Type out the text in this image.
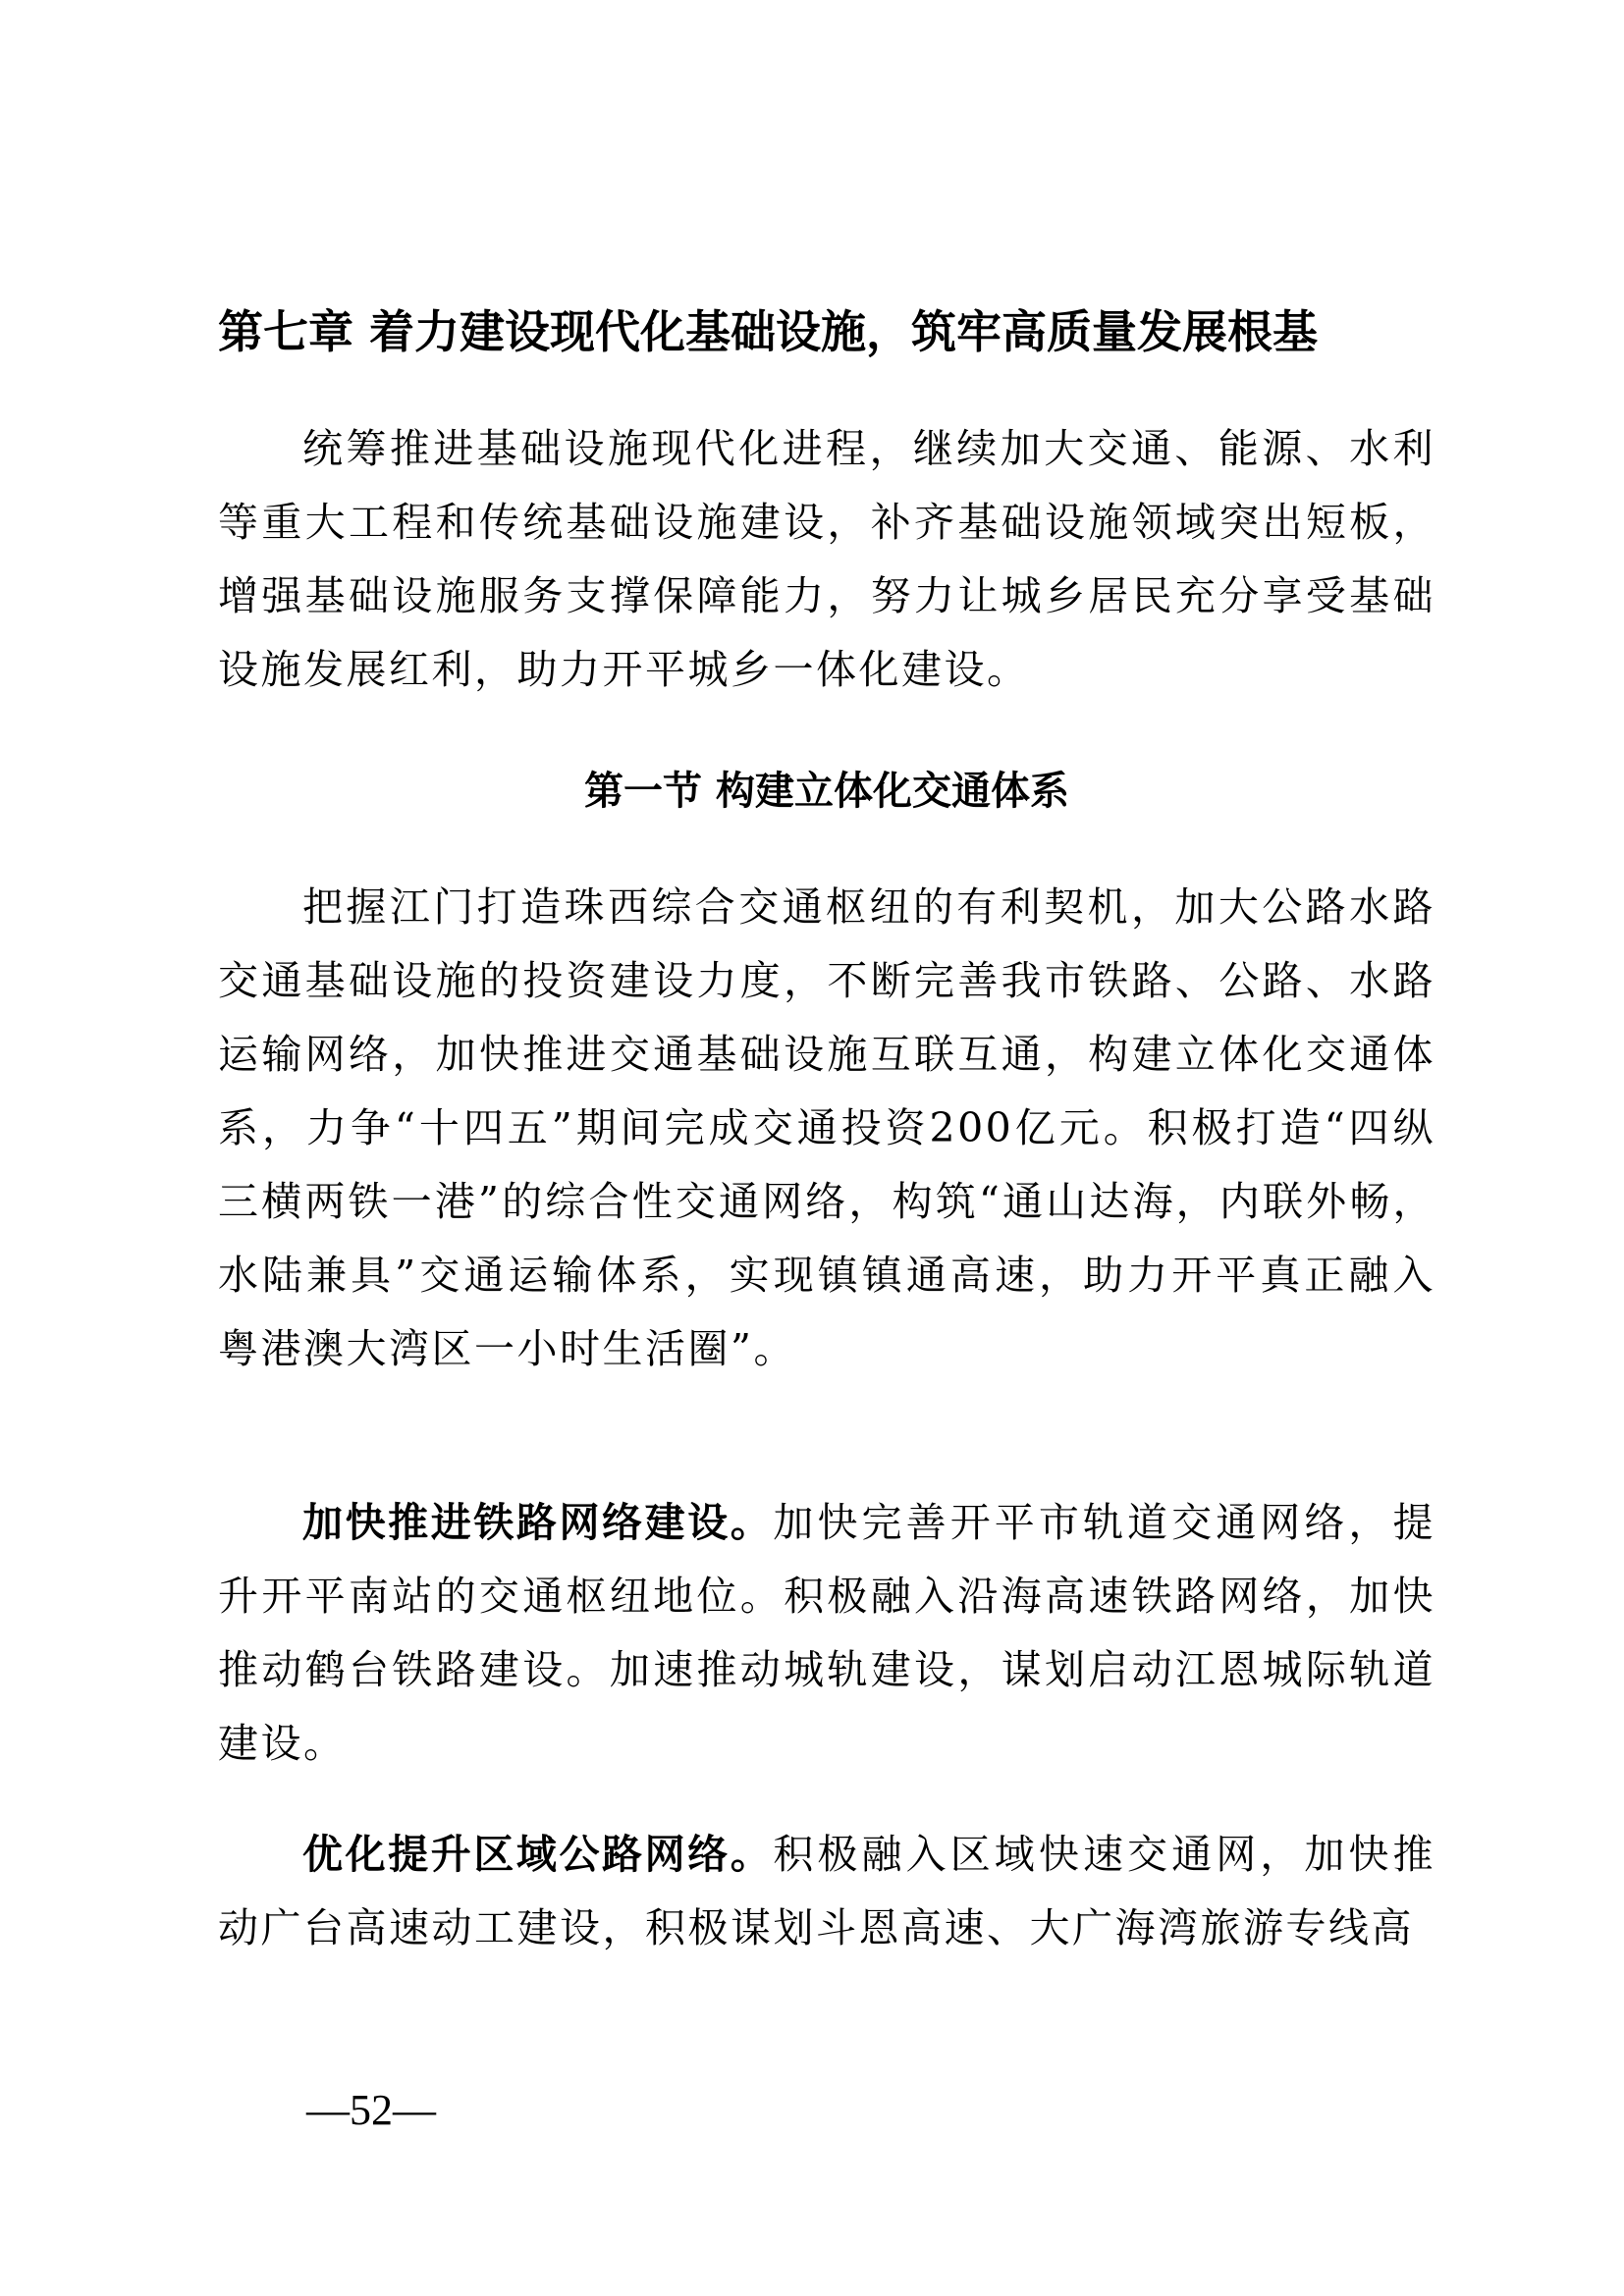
第七章 着力建设现代化基础设施，筑牢高质量发展根基
统筹推进基础设施现代化进程，继续加大交通、能源、水利等重大工程和传统基础设施建设，补齐基础设施领域突出短板，增强基础设施服务支撑保障能力，努力让城乡居民充分享受基础设施发展红利，助力开平城乡一体化建设。
第一节 构建立体化交通体系
把握江门打造珠西综合交通枢纽的有利契机，加大公路水路交通基础设施的投资建设力度，不断完善我市铁路、公路、水路运输网络，加快推进交通基础设施互联互通，构建立体化交通体系，力争“十四五”期间完成交通投资200亿元。积极打造“四纵三横两铁一港”的综合性交通网络，构筑“通山达海，内联外畅，水陆兼具”交通运输体系，实现镇镇通高速，助力开平真正融入粤港澳大湾区一小时生活圈”。
加快推进铁路网络建设。加快完善开平市轨道交通网络，提升开平南站的交通枢纽地位。积极融入沿海高速铁路网络，加快推动鹤台铁路建设。加速推动城轨建设，谋划启动江恩城际轨道建设。
优化提升区域公路网络。积极融入区域快速交通网，加快推动广台高速动工建设，积极谋划斗恩高速、大广海湾旅游专线高
—52—
